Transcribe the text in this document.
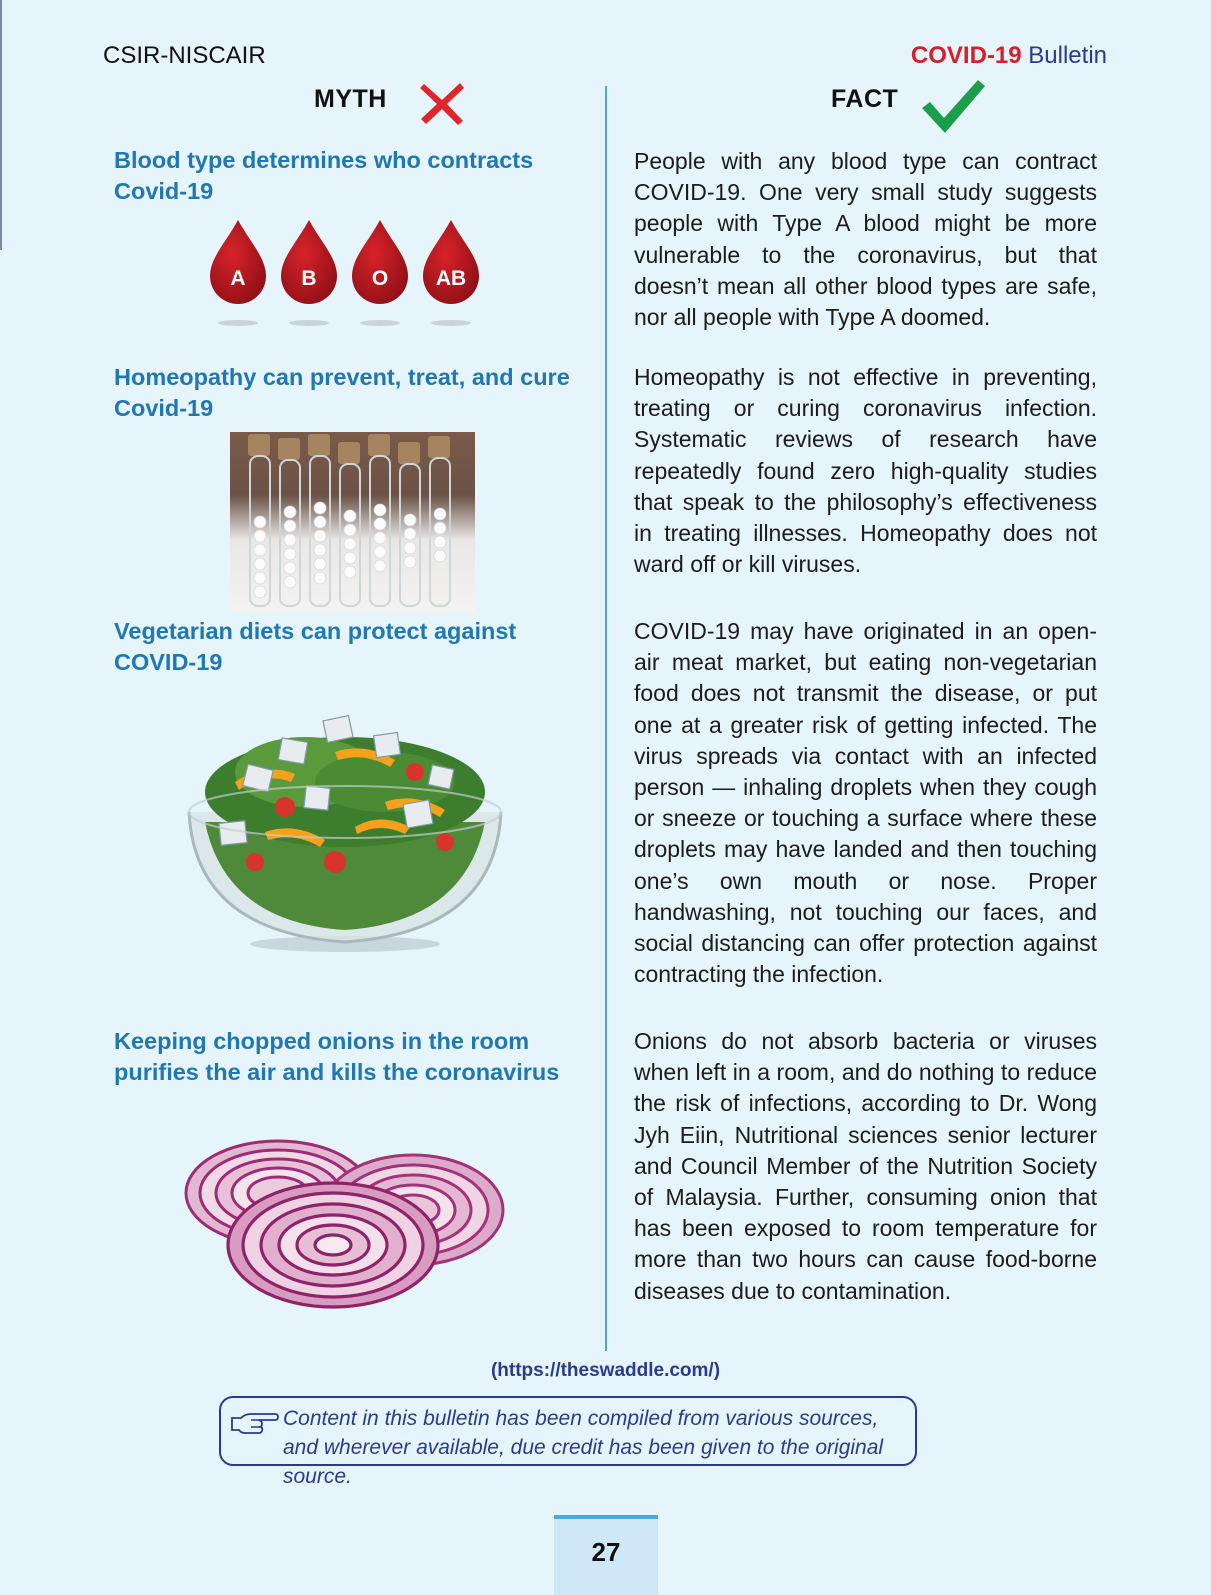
CSIR-NISCAIR	COVID-19 Bulletin
MYTH	FACT
Blood type determines who contracts Covid-19
People with any blood type can contract COVID-19. One very small study suggests people with Type A blood might be more vulnerable to the coronavirus, but that doesn’t mean all other blood types are safe, nor all people with Type A doomed.
A	B	O AB
Homeopathy can prevent, treat, and cure Covid-19
Homeopathy is not effective in preventing, treating or curing coronavirus infection. Systematic reviews of research have repeatedly found zero high-quality studies that speak to the philosophy’s effectiveness in treating illnesses. Homeopathy does not ward off or kill viruses.
Vegetarian diets can protect against COVID-19
COVID-19 may have originated in an open-air meat market, but eating non-vegetarian food does not transmit the disease, or put one at a greater risk of getting infected. The virus spreads via contact with an infected person — inhaling droplets when they cough or sneeze or touching a surface where these droplets may have landed and then touching one’s own mouth or nose. Proper handwashing, not touching our faces, and social distancing can offer protection against contracting the infection.
Keeping chopped onions in the room purifies the air and kills the coronavirus
Onions do not absorb bacteria or viruses when left in a room, and do nothing to reduce the risk of infections, according to Dr. Wong Jyh Eiin, Nutritional sciences senior lecturer and Council Member of the Nutrition Society of Malaysia. Further, consuming onion that has been exposed to room temperature for more than two hours can cause food-borne diseases due to contamination.
(https://theswaddle.com/)
Content in this bulletin has been compiled from various sources, and wherever available, due credit has been given to the original source.
27
